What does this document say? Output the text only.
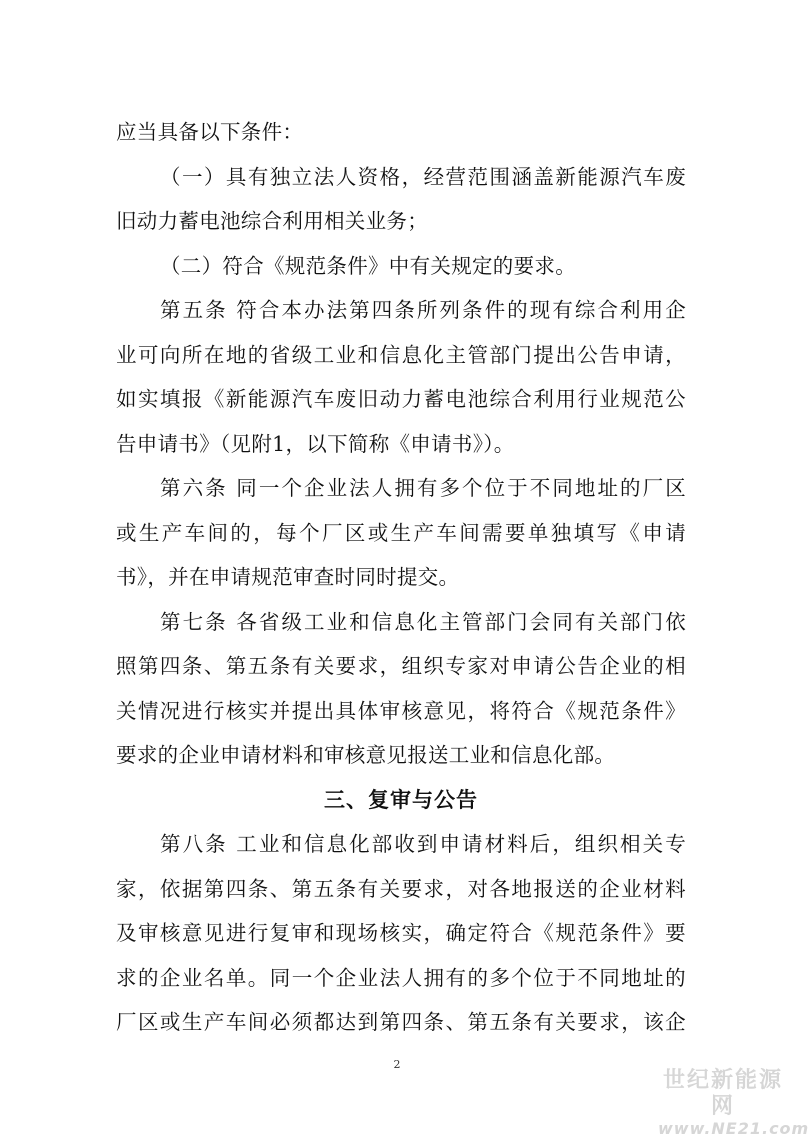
应当具备以下条件：
（一）具有独立法人资格，经营范围涵盖新能源汽车废
旧动力蓄电池综合利用相关业务；
（二）符合《规范条件》中有关规定的要求。
第五条 符合本办法第四条所列条件的现有综合利用企
业可向所在地的省级工业和信息化主管部门提出公告申请，
如实填报《新能源汽车废旧动力蓄电池综合利用行业规范公
告申请书》（见附1，以下简称《申请书》）。
第六条 同一个企业法人拥有多个位于不同地址的厂区
或生产车间的，每个厂区或生产车间需要单独填写《申请
书》，并在申请规范审查时同时提交。
第七条 各省级工业和信息化主管部门会同有关部门依
照第四条、第五条有关要求，组织专家对申请公告企业的相
关情况进行核实并提出具体审核意见，将符合《规范条件》
要求的企业申请材料和审核意见报送工业和信息化部。
三、复审与公告
第八条 工业和信息化部收到申请材料后，组织相关专
家，依据第四条、第五条有关要求，对各地报送的企业材料
及审核意见进行复审和现场核实，确定符合《规范条件》要
求的企业名单。同一个企业法人拥有的多个位于不同地址的
厂区或生产车间必须都达到第四条、第五条有关要求，该企
2
世纪新能源网
www.NE21.com
